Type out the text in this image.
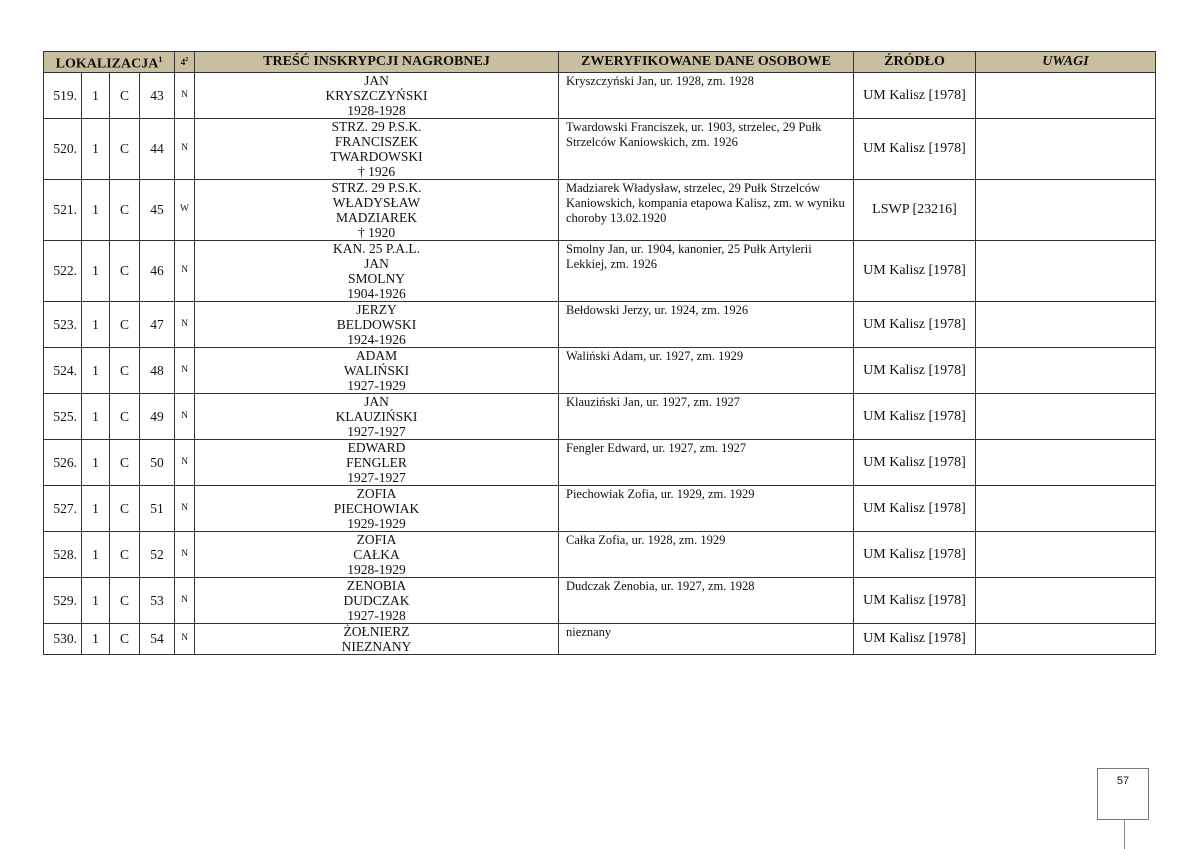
LOKALIZACJA$^1$				$4^2$	TREŚĆ INSKRYPCJI NAGROBNEJ	ZWERYFIKOWANE DANE OSOBOWE	ŹRÓDŁO	UWAGI
519.	1	C	43	N	JAN
KRYSZCZYŃSKI
1928-1928	Kryszczyński Jan, ur. 1928, zm. 1928	UM Kalisz [1978]	
520.	1	C	44	N	STRZ. 29 P.S.K.
FRANCISZEK
TWARDOWSKI
† 1926	Twardowski Franciszek, ur. 1903, strzelec, 29 Pułk Strzelców Kaniowskich, zm. 1926	UM Kalisz [1978]	
521.	1	C	45	W	STRZ. 29 P.S.K.
WŁADYSŁAW
MADZIAREK
† 1920	Madziarek Władysław, strzelec, 29 Pułk Strzelców Kaniowskich, kompania etapowa Kalisz, zm. w wyniku choroby 13.02.1920	LSWP [23216]	
522.	1	C	46	N	KAN. 25 P.A.L.
JAN
SMOLNY
1904-1926	Smolny Jan, ur. 1904, kanonier, 25 Pułk Artylerii Lekkiej, zm. 1926	UM Kalisz [1978]	
523.	1	C	47	N	JERZY
BELDOWSKI
1924-1926	Bełdowski Jerzy, ur. 1924, zm. 1926	UM Kalisz [1978]	
524.	1	C	48	N	ADAM
WALIŃSKI
1927-1929	Waliński Adam, ur. 1927, zm. 1929	UM Kalisz [1978]	
525.	1	C	49	N	JAN
KLAUZIŃSKI
1927-1927	Klauziński Jan, ur. 1927, zm. 1927	UM Kalisz [1978]	
526.	1	C	50	N	EDWARD
FENGLER
1927-1927	Fengler Edward, ur. 1927, zm. 1927	UM Kalisz [1978]	
527.	1	C	51	N	ZOFIA
PIECHOWIAK
1929-1929	Piechowiak Zofia, ur. 1929, zm. 1929	UM Kalisz [1978]	
528.	1	C	52	N	ZOFIA
CAŁKA
1928-1929	Całka Zofia, ur. 1928, zm. 1929	UM Kalisz [1978]	
529.	1	C	53	N	ZENOBIA
DUDCZAK
1927-1928	Dudczak Zenobia, ur. 1927, zm. 1928	UM Kalisz [1978]	
530.	1	C	54	N	ŻOŁNIERZ
NIEZNANY	nieznany	UM Kalisz [1978]	
57
